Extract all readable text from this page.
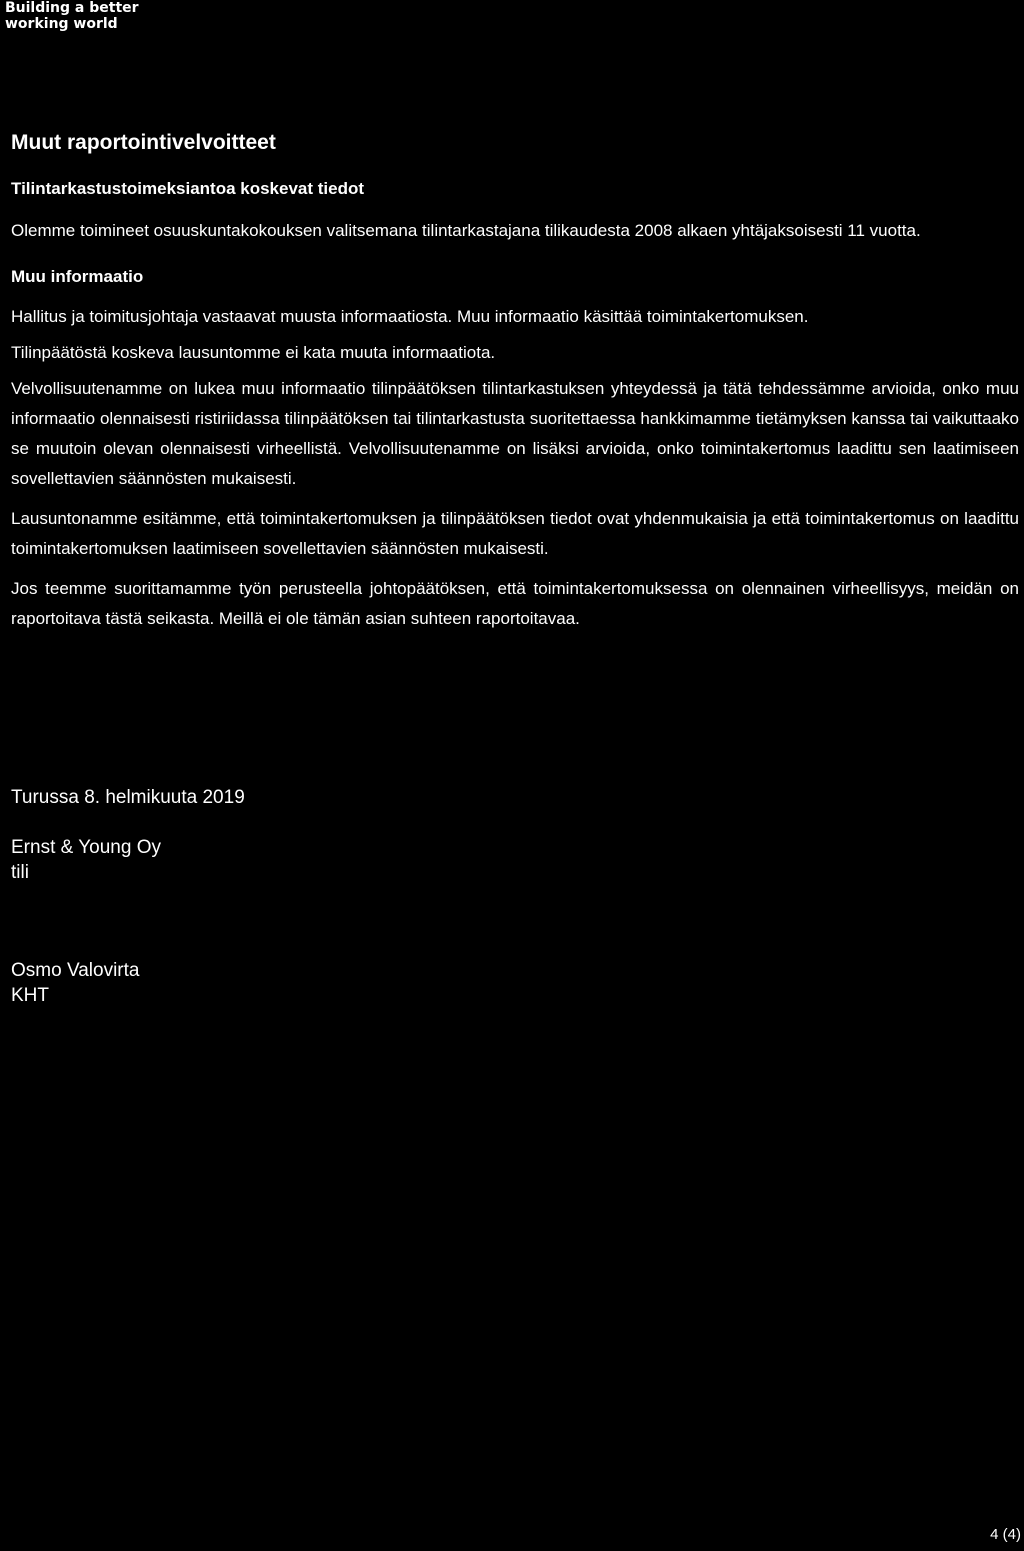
Building a better
working world
Muut raportointivelvoitteet
Tilintarkastustoimeksiantoa koskevat tiedot
Olemme toimineet osuuskuntakokouksen valitsemana tilintarkastajana tilikaudesta 2008 alkaen yhtäjaksoisesti 11 vuotta.
Muu informaatio
Hallitus ja toimitusjohtaja vastaavat muusta informaatiosta. Muu informaatio käsittää toimintakertomuksen.
Tilinpäätöstä koskeva lausuntomme ei kata muuta informaatiota.
Velvollisuutenamme on lukea muu informaatio tilinpäätöksen tilintarkastuksen yhteydessä ja tätä tehdessämme arvioida, onko muu informaatio olennaisesti ristiriidassa tilinpäätöksen tai tilintarkastusta suoritettaessa hankkimamme tietämyksen kanssa tai vaikuttaako se muutoin olevan olennaisesti virheellistä. Velvollisuutenamme on lisäksi arvioida, onko toimintakertomus laadittu sen laatimiseen sovellettavien säännösten mukaisesti.
Lausuntonamme esitämme, että toimintakertomuksen ja tilinpäätöksen tiedot ovat yhdenmukaisia ja että toimintakertomus on laadittu toimintakertomuksen laatimiseen sovellettavien säännösten mukaisesti.
Jos teemme suorittamamme työn perusteella johtopäätöksen, että toimintakertomuksessa on olennainen virheellisyys, meidän on raportoitava tästä seikasta. Meillä ei ole tämän asian suhteen raportoitavaa.
Turussa 8. helmikuuta 2019
Ernst & Young Oy
tili
Osmo Valovirta
KHT
4 (4)
